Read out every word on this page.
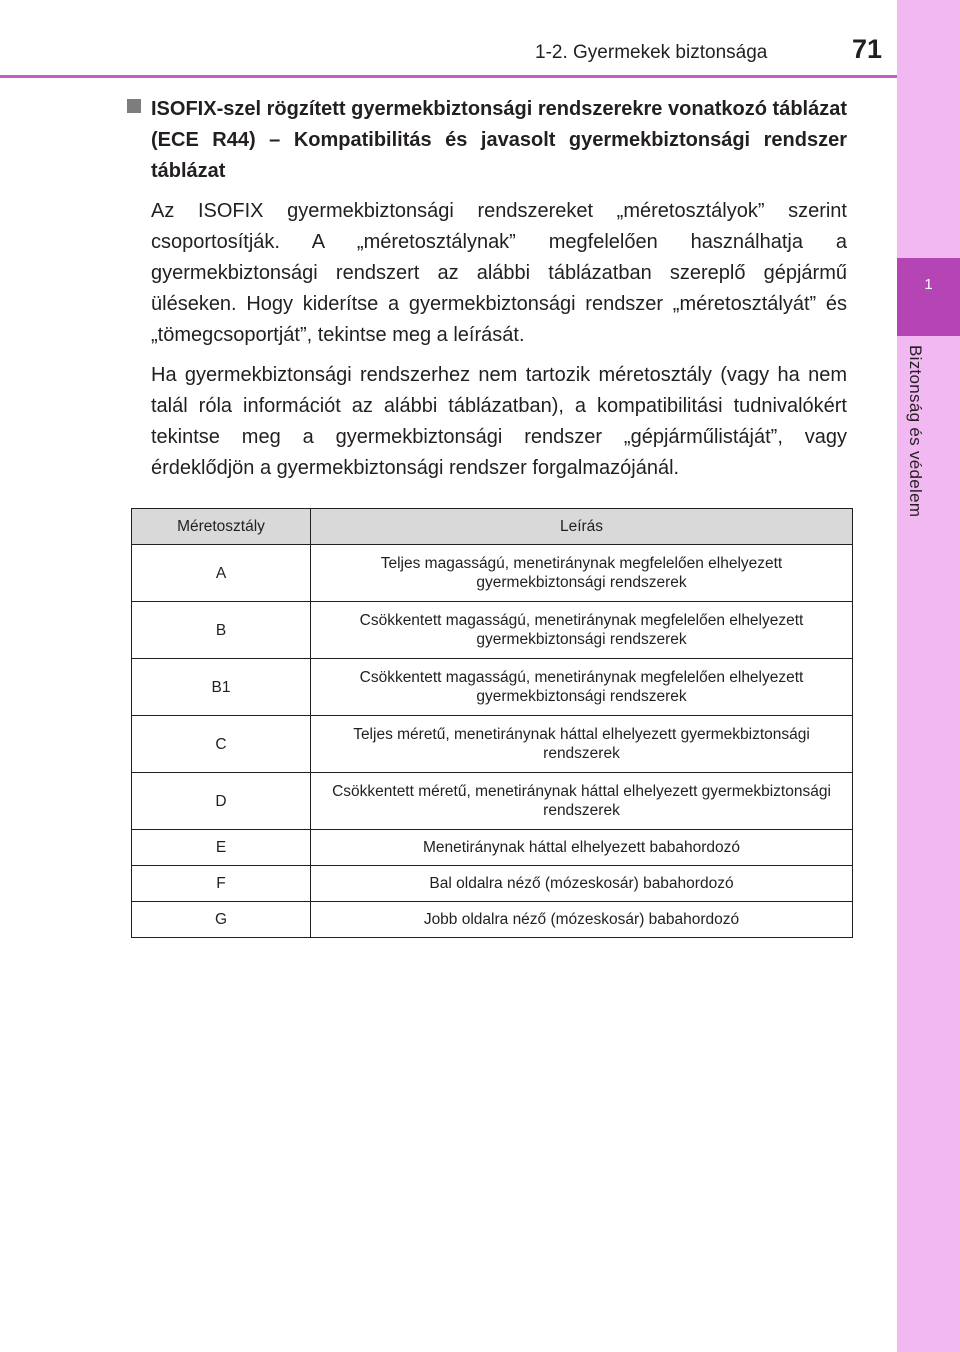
1
Biztonság és védelem
1-2. Gyermekek biztonsága	71

ISOFIX-szel rögzített gyermekbiztonsági rendszerekre vonatkozó táblázat (ECE R44) – Kompatibilitás és javasolt gyermekbiztonsági rendszer táblázat

Az ISOFIX gyermekbiztonsági rendszereket „méretosztályok” szerint csoportosítják. A „méretosztálynak” megfelelően használhatja a gyermekbiztonsági rendszert az alábbi táblázatban szereplő gépjármű üléseken. Hogy kiderítse a gyermekbiztonsági rendszer „méretosztályát” és „tömegcsoportját”, tekintse meg a leírását.

Ha gyermekbiztonsági rendszerhez nem tartozik méretosztály (vagy ha nem talál róla információt az alábbi táblázatban), a kompatibilitási tudnivalókért tekintse meg a gyermekbiztonsági rendszer „gépjárműlistáját”, vagy érdeklődjön a gyermekbiztonsági rendszer forgalmazójánál.

Méretosztály	Leírás
A	Teljes magasságú, menetiránynak megfelelően elhelyezett gyermekbiztonsági rendszerek
B	Csökkentett magasságú, menetiránynak megfelelően elhelyezett gyermekbiztonsági rendszerek
B1	Csökkentett magasságú, menetiránynak megfelelően elhelyezett gyermekbiztonsági rendszerek
C	Teljes méretű, menetiránynak háttal elhelyezett gyermekbiztonsági rendszerek
D	Csökkentett méretű, menetiránynak háttal elhelyezett gyermekbiztonsági rendszerek
E	Menetiránynak háttal elhelyezett babahordozó
F	Bal oldalra néző (mózeskosár) babahordozó
G	Jobb oldalra néző (mózeskosár) babahordozó
